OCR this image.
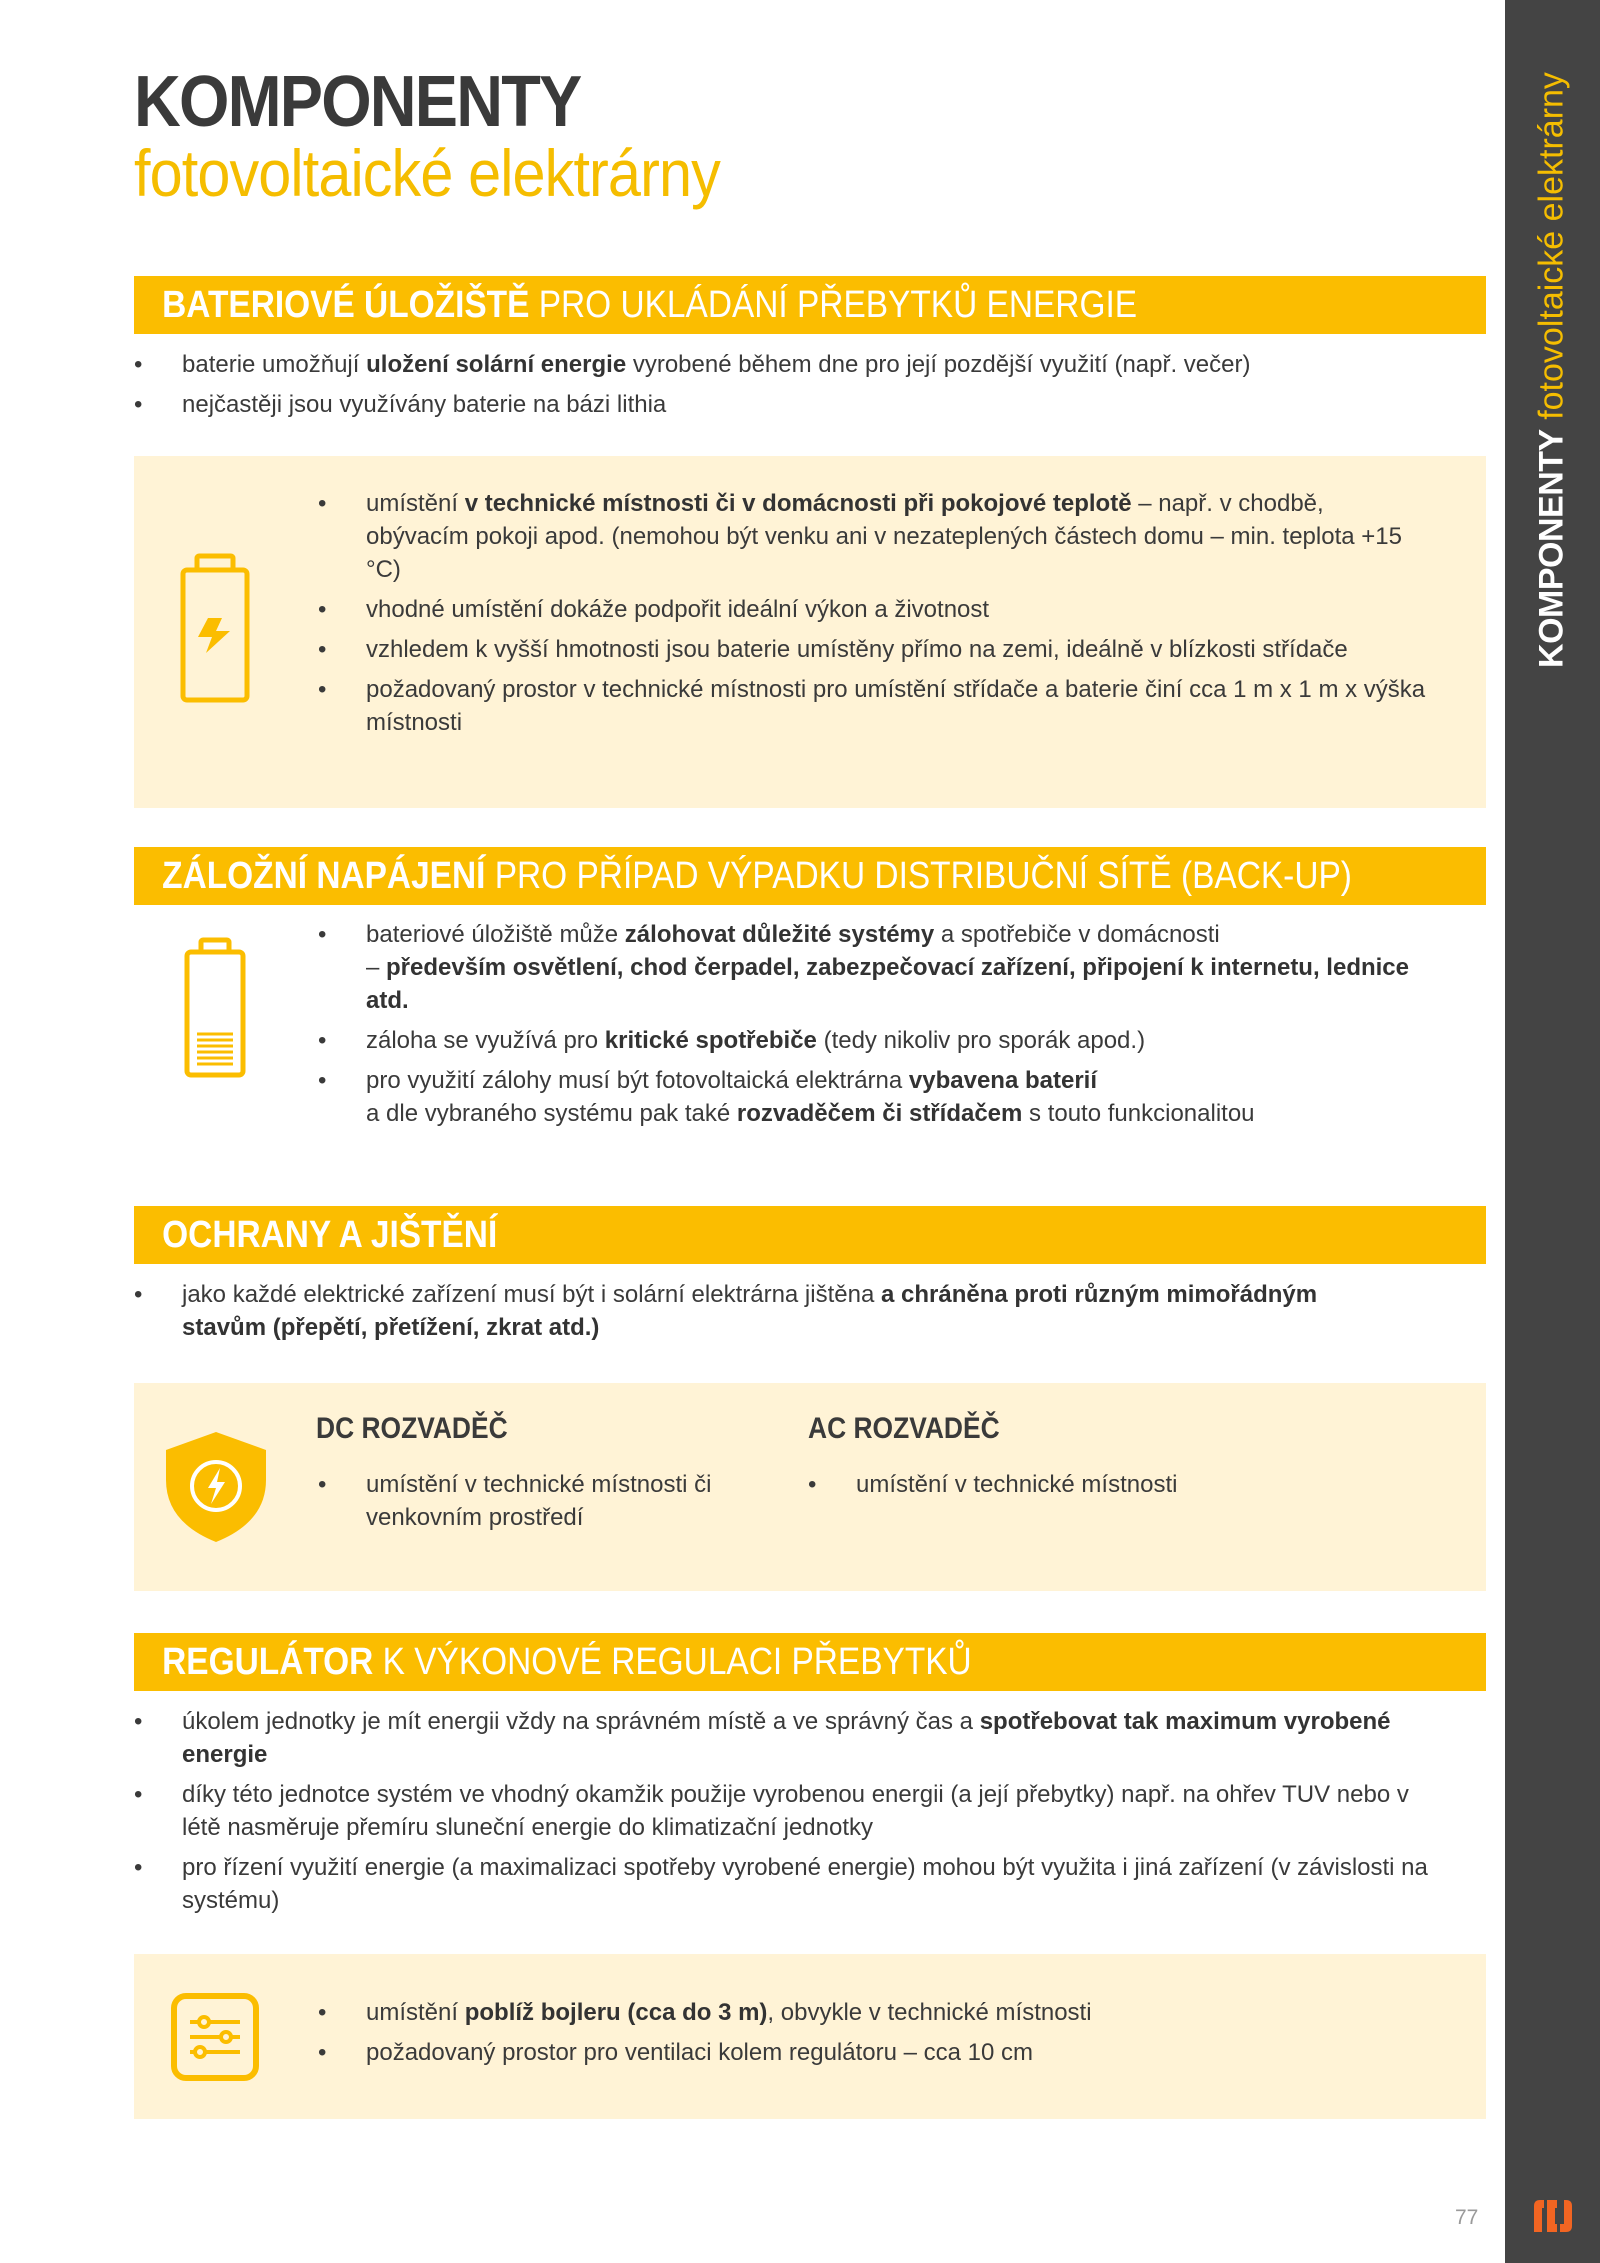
KOMPONENTY fotovoltaické elektrárny
77
KOMPONENTY
fotovoltaické elektrárny
BATERIOVÉ ÚLOŽIŠTĚ PRO UKLÁDÁNÍ PŘEBYTKŮ ENERGIE
• baterie umožňují uložení solární energie vyrobené během dne pro její pozdější využití (např. večer)
• nejčastěji jsou využívány baterie na bázi lithia
• umístění v technické místnosti či v domácnosti při pokojové teplotě – např. v chodbě, obývacím pokoji apod. (nemohou být venku ani v nezateplených částech domu – min. teplota +15 °C)
• vhodné umístění dokáže podpořit ideální výkon a životnost
• vzhledem k vyšší hmotnosti jsou baterie umístěny přímo na zemi, ideálně v blízkosti střídače
• požadovaný prostor v technické místnosti pro umístění střídače a baterie činí cca 1 m x 1 m x výška místnosti
ZÁLOŽNÍ NAPÁJENÍ PRO PŘÍPAD VÝPADKU DISTRIBUČNÍ SÍTĚ (BACK-UP)
• bateriové úložiště může zálohovat důležité systémy a spotřebiče v domácnosti
– především osvětlení, chod čerpadel, zabezpečovací zařízení, připojení k internetu, lednice atd.
• záloha se využívá pro kritické spotřebiče (tedy nikoliv pro sporák apod.)
• pro využití zálohy musí být fotovoltaická elektrárna vybavena baterií
a dle vybraného systému pak také rozvaděčem či střídačem s touto funkcionalitou
OCHRANY A JIŠTĚNÍ
• jako každé elektrické zařízení musí být i solární elektrárna jištěna a chráněna proti různým mimořádným stavům (přepětí, přetížení, zkrat atd.)
DC ROZVADĚČ
• umístění v technické místnosti či venkovním prostředí
AC ROZVADĚČ
• umístění v technické místnosti
REGULÁTOR K VÝKONOVÉ REGULACI PŘEBYTKŮ
• úkolem jednotky je mít energii vždy na správném místě a ve správný čas a spotřebovat tak maximum vyrobené energie
• díky této jednotce systém ve vhodný okamžik použije vyrobenou energii (a její přebytky) např. na ohřev TUV nebo v létě nasměruje přemíru sluneční energie do klimatizační jednotky
• pro řízení využití energie (a maximalizaci spotřeby vyrobené energie) mohou být využita i jiná zařízení (v závislosti na systému)
• umístění poblíž bojleru (cca do 3 m), obvykle v technické místnosti
• požadovaný prostor pro ventilaci kolem regulátoru – cca 10 cm
